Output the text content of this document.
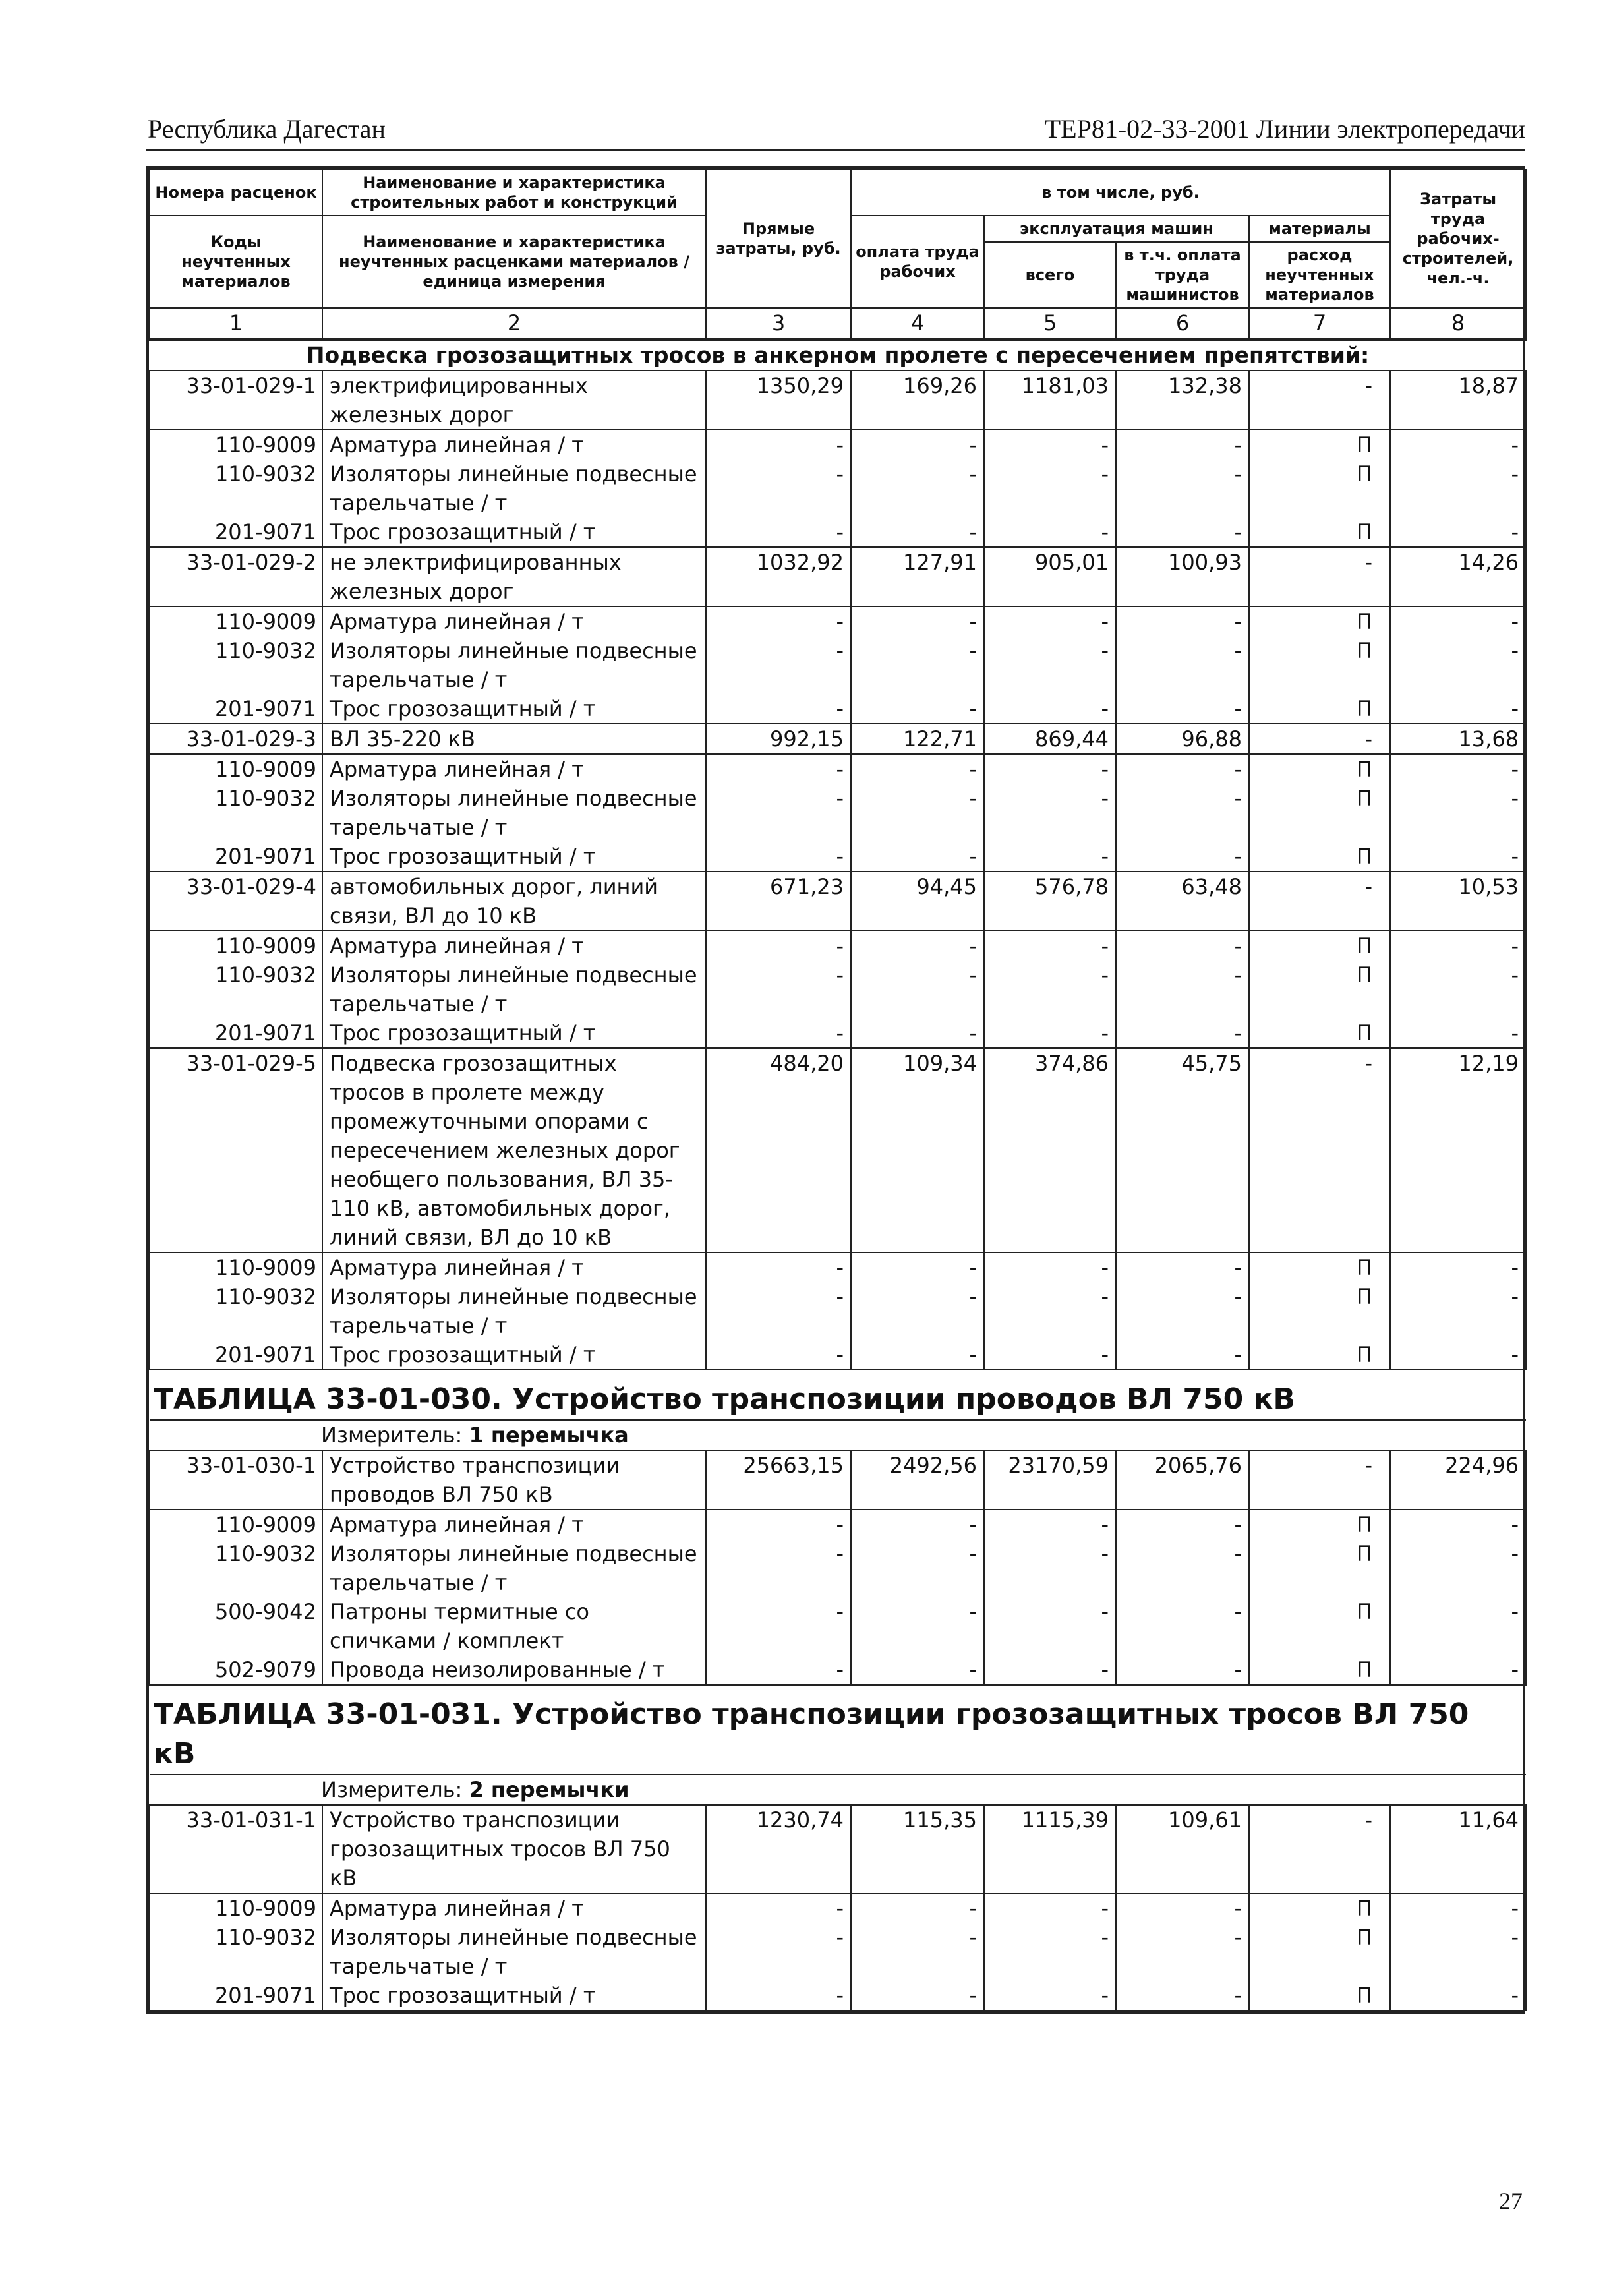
Республика Дагестан	ТЕР81-02-33-2001 Линии электропередачи
Номера расценок	Наименование и характеристика строительных работ и конструкций	Прямые затраты, руб.	в том числе, руб.				Затраты труда рабочих-строителей, чел.-ч.
Коды неучтенных материалов	Наименование и характеристика неучтенных расценками материалов / единица измерения		оплата труда рабочих	эксплуатация машин		материалы	
				всего	в т.ч. оплата труда машинистов	расход неучтенных материалов	

1	2	3	4	5	6	7	8
Подвеска грозозащитных тросов в анкерном пролете с пересечением препятствий:							
33-01-029-1	электрифицированных железных дорог	1350,29	169,26	1181,03	132,38	-	18,87
110-9009	Арматура линейная / т	-	-	-	-	П	-
110-9032	Изоляторы линейные подвесные тарельчатые / т	-	-	-	-	П	-
201-9071	Трос грозозащитный / т	-	-	-	-	П	-
33-01-029-2	не электрифицированных железных дорог	1032,92	127,91	905,01	100,93	-	14,26
110-9009	Арматура линейная / т	-	-	-	-	П	-
110-9032	Изоляторы линейные подвесные тарельчатые / т	-	-	-	-	П	-
201-9071	Трос грозозащитный / т	-	-	-	-	П	-
33-01-029-3	ВЛ 35-220 кВ	992,15	122,71	869,44	96,88	-	13,68
110-9009	Арматура линейная / т	-	-	-	-	П	-
110-9032	Изоляторы линейные подвесные тарельчатые / т	-	-	-	-	П	-
201-9071	Трос грозозащитный / т	-	-	-	-	П	-
33-01-029-4	автомобильных дорог, линий связи, ВЛ до 10 кВ	671,23	94,45	576,78	63,48	-	10,53
110-9009	Арматура линейная / т	-	-	-	-	П	-
110-9032	Изоляторы линейные подвесные тарельчатые / т	-	-	-	-	П	-
201-9071	Трос грозозащитный / т	-	-	-	-	П	-
33-01-029-5	Подвеска грозозащитных тросов в пролете между промежуточными опорами с пересечением железных дорог необщего пользования, ВЛ 35-110 кВ, автомобильных дорог, линий связи, ВЛ до 10 кВ	484,20	109,34	374,86	45,75	-	12,19
110-9009	Арматура линейная / т	-	-	-	-	П	-
110-9032	Изоляторы линейные подвесные тарельчатые / т	-	-	-	-	П	-
201-9071	Трос грозозащитный / т	-	-	-	-	П	-
ТАБЛИЦА 33-01-030. Устройство транспозиции проводов ВЛ 750 кВ							
Измеритель: 1 перемычка							
33-01-030-1	Устройство транспозиции проводов ВЛ 750 кВ	25663,15	2492,56	23170,59	2065,76	-	224,96
110-9009	Арматура линейная / т	-	-	-	-	П	-
110-9032	Изоляторы линейные подвесные тарельчатые / т	-	-	-	-	П	-
500-9042	Патроны термитные со спичками / комплект	-	-	-	-	П	-
502-9079	Провода неизолированные / т	-	-	-	-	П	-
ТАБЛИЦА 33-01-031. Устройство транспозиции грозозащитных тросов ВЛ 750 кВ							
Измеритель: 2 перемычки							
33-01-031-1	Устройство транспозиции грозозащитных тросов ВЛ 750 кВ	1230,74	115,35	1115,39	109,61	-	11,64
110-9009	Арматура линейная / т	-	-	-	-	П	-
110-9032	Изоляторы линейные подвесные тарельчатые / т	-	-	-	-	П	-
201-9071	Трос грозозащитный / т	-	-	-	-	П	-
27
